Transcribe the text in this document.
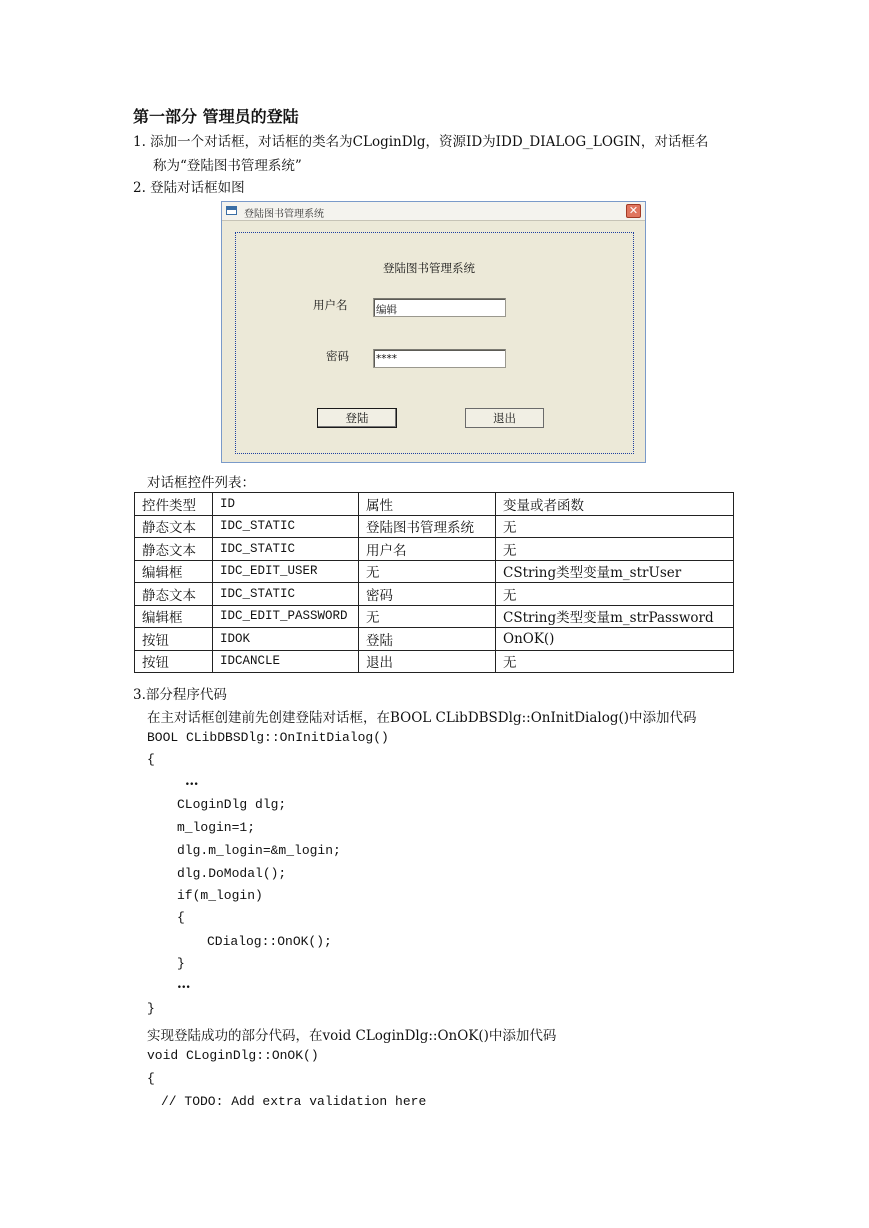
第一部分 管理员的登陆
1. 添加一个对话框，对话框的类名为CLoginDlg，资源ID为IDD_DIALOG_LOGIN，对话框名
称为“登陆图书管理系统”
2. 登陆对话框如图
登陆图书管理系统	✕
登陆图书管理系统
用户名	编辑
密码	****
登陆	退出
对话框控件列表：
控件类型	ID	属性	变量或者函数
静态文本	IDC_STATIC	登陆图书管理系统	无
静态文本	IDC_STATIC	用户名	无
编辑框	IDC_EDIT_USER	无	CString类型变量m_strUser
静态文本	IDC_STATIC	密码	无
编辑框	IDC_EDIT_PASSWORD	无	CString类型变量m_strPassword
按钮	IDOK	登陆	OnOK()
按钮	IDCANCLE	退出	无
3.部分程序代码
在主对话框创建前先创建登陆对话框，在BOOL CLibDBSDlg::OnInitDialog()中添加代码
BOOL CLibDBSDlg::OnInitDialog()
{
…
CLoginDlg dlg;
m_login=1;
dlg.m_login=&m_login;
dlg.DoModal();
if(m_login)
{
CDialog::OnOK();
}
…
}
实现登陆成功的部分代码，在void CLoginDlg::OnOK()中添加代码
void CLoginDlg::OnOK()
{
// TODO: Add extra validation here
